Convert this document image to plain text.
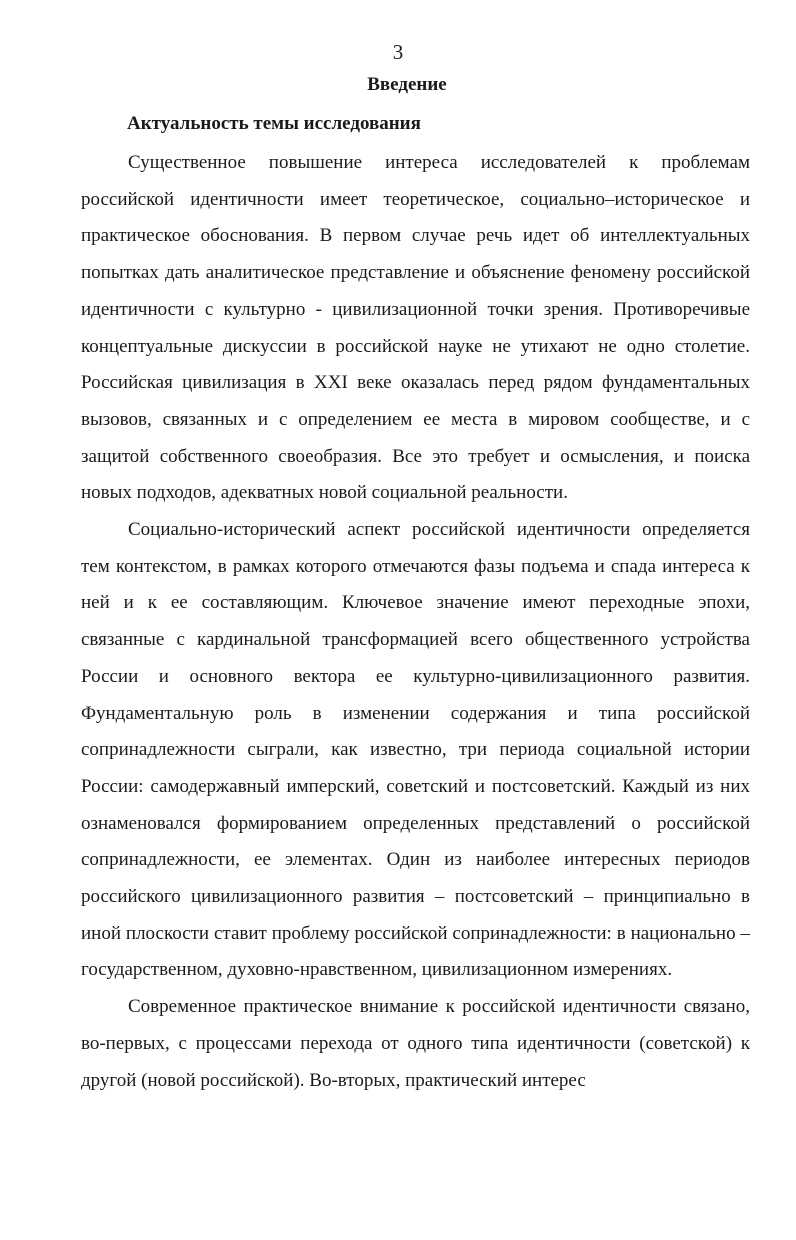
3
Введение
Актуальность темы исследования

Существенное повышение интереса исследователей к проблемам российской идентичности имеет теоретическое, социально–историческое и практическое обоснования. В первом случае речь идет об интеллектуальных попытках дать аналитическое представление и объяснение феномену российской идентичности с культурно - цивилизационной точки зрения. Противоречивые концептуальные дискуссии в российской науке не утихают не одно столетие. Российская цивилизация в XXI веке оказалась перед рядом фундаментальных вызовов, связанных и с определением ее места в мировом сообществе, и с защитой собственного своеобразия. Все это требует и осмысления, и поиска новых подходов, адекватных новой социальной реальности.

Социально-исторический аспект российской идентичности определяется тем контекстом, в рамках которого отмечаются фазы подъема и спада интереса к ней и к ее составляющим. Ключевое значение имеют переходные эпохи, связанные с кардинальной трансформацией всего общественного устройства России и основного вектора ее культурно-цивилизационного развития. Фундаментальную роль в изменении содержания и типа российской сопринадлежности сыграли, как известно, три периода социальной истории России: самодержавный имперский, советский и постсоветский. Каждый из них ознаменовался формированием определенных представлений о российской сопринадлежности, ее элементах. Один из наиболее интересных периодов российского цивилизационного развития – постсоветский – принципиально в иной плоскости ставит проблему российской сопринадлежности: в национально – государственном, духовно-нравственном, цивилизационном измерениях.

Современное практическое внимание к российской идентичности связано, во-первых, с процессами перехода от одного типа идентичности (советской) к другой (новой российской). Во-вторых, практический интерес
